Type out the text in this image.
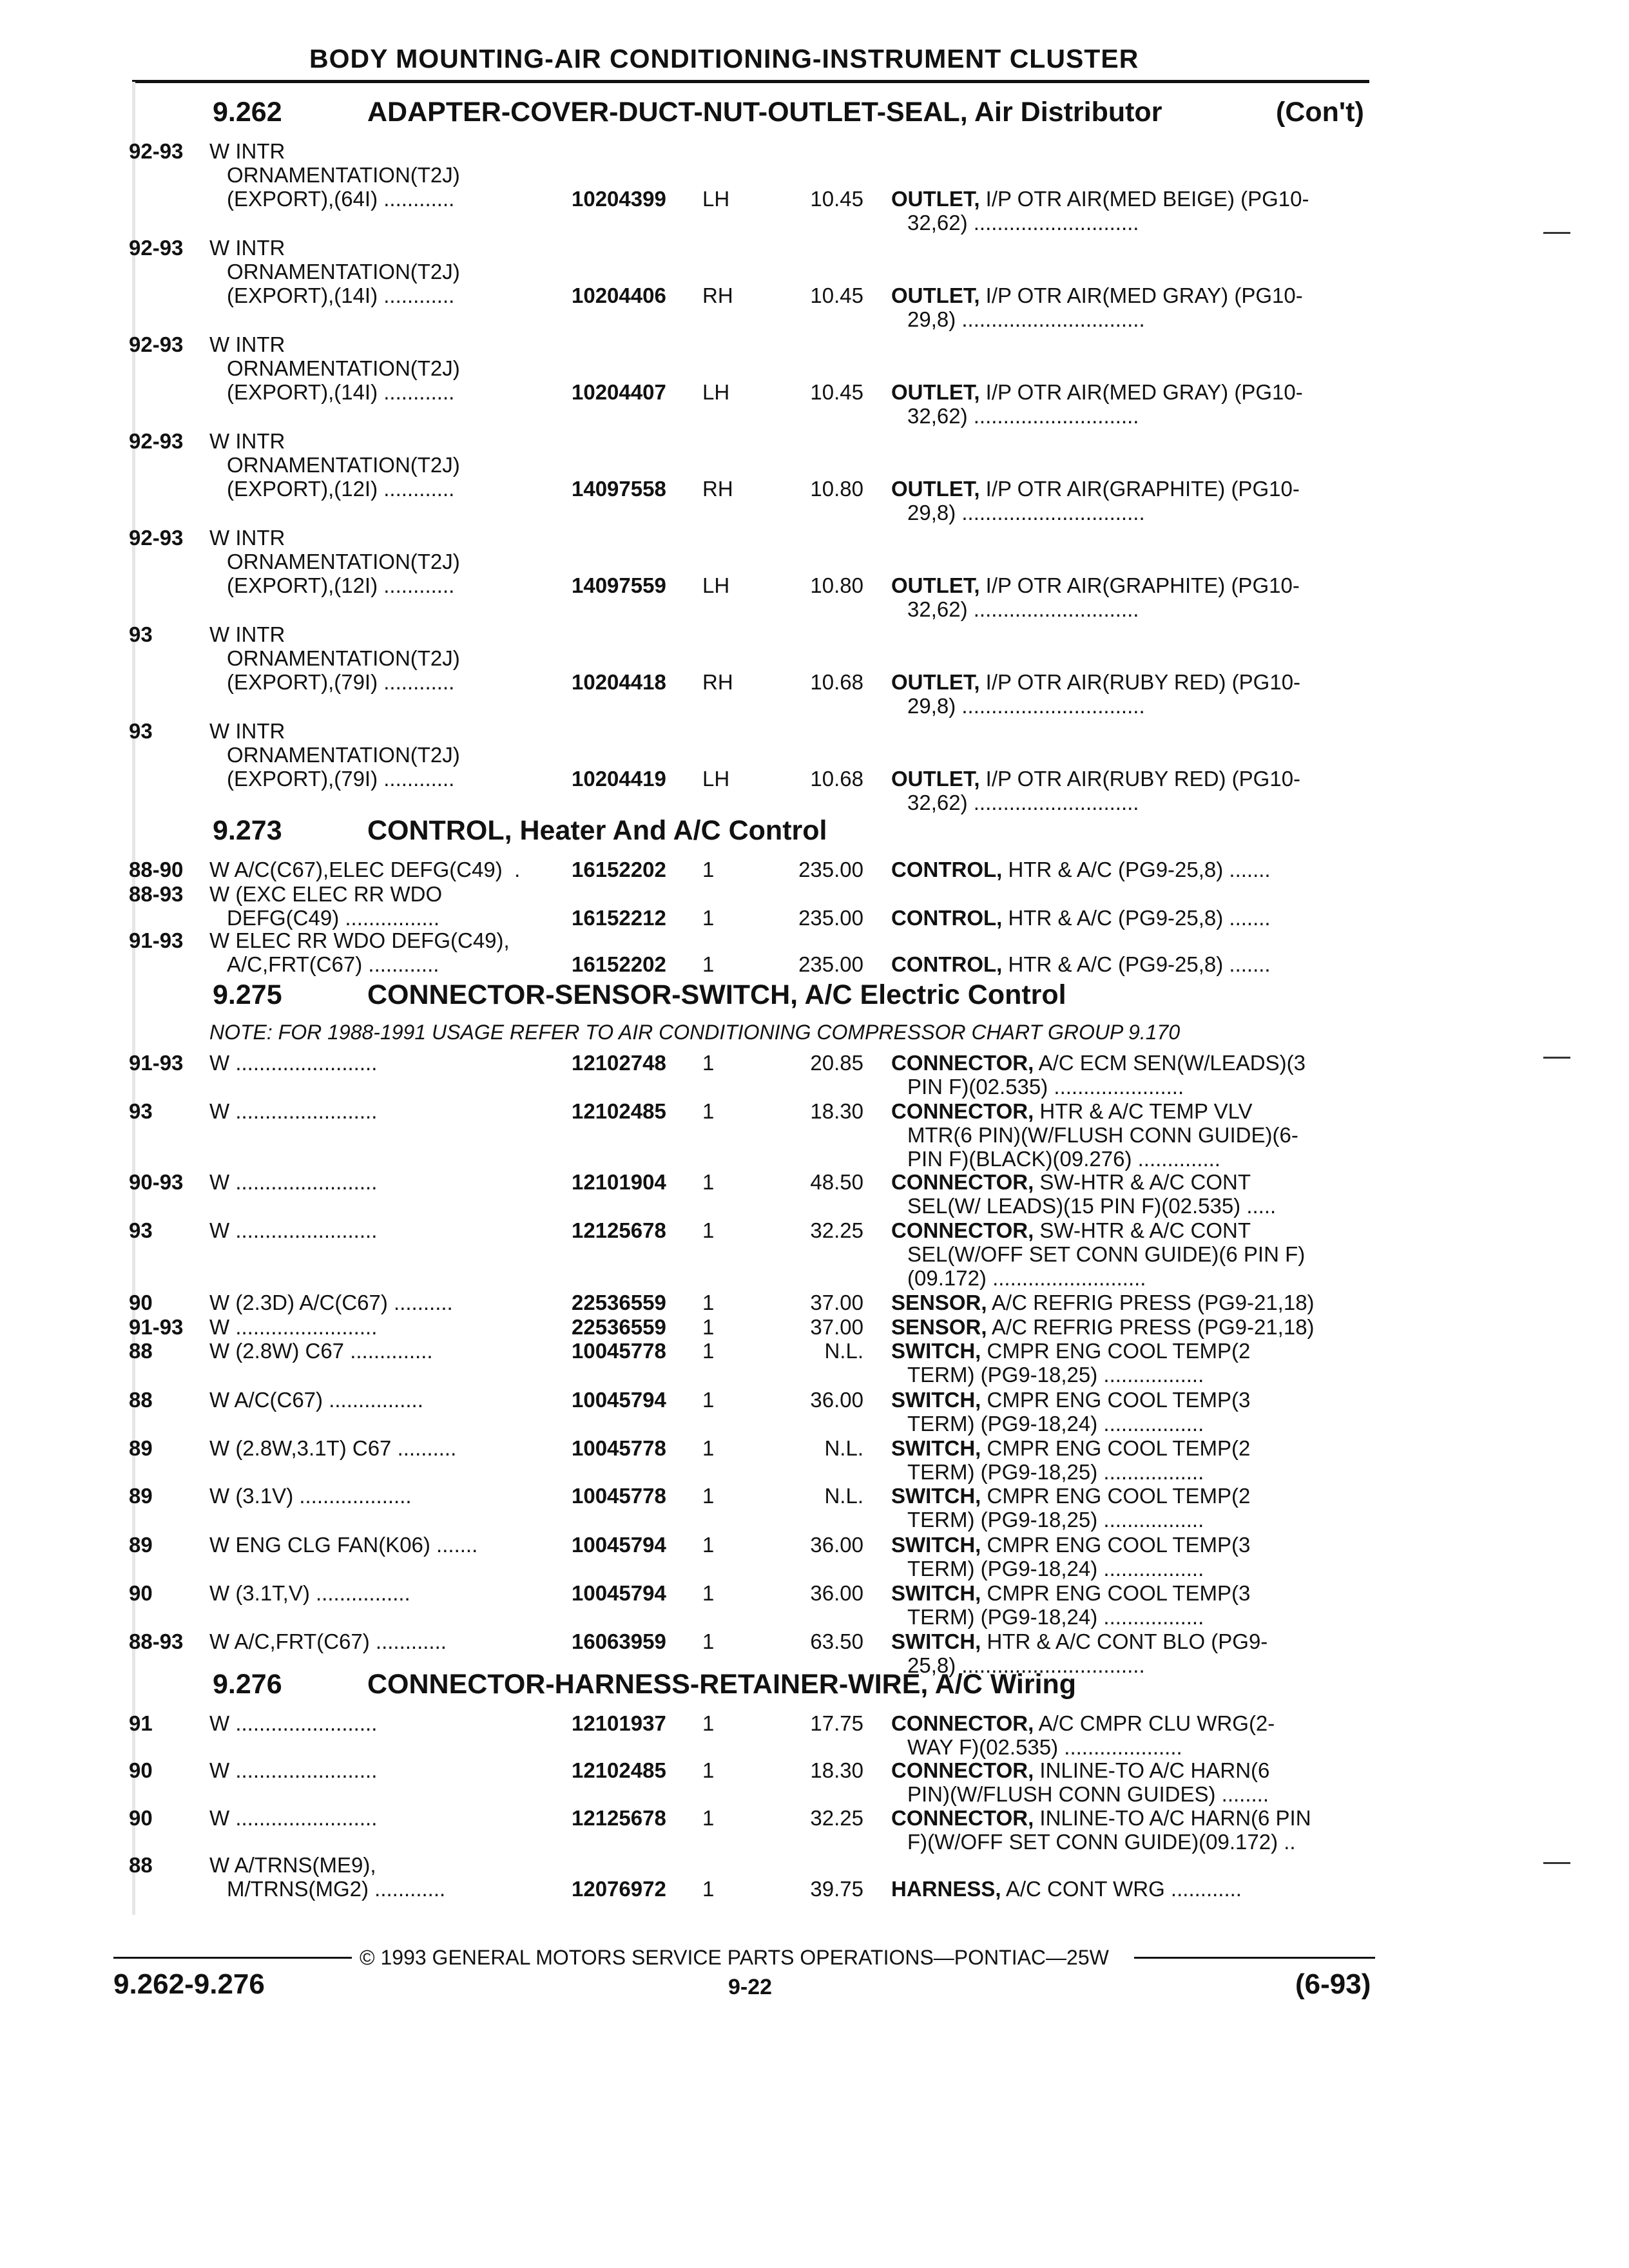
BODY MOUNTING-AIR CONDITIONING-INSTRUMENT CLUSTER
9.262	ADAPTER-COVER-DUCT-NUT-OUTLET-SEAL, Air Distributor	(Con't)
9.273	CONTROL, Heater And A/C Control
9.275	CONNECTOR-SENSOR-SWITCH, A/C Electric Control
NOTE: FOR 1988-1991 USAGE REFER TO AIR CONDITIONING COMPRESSOR CHART GROUP 9.170
9.276	CONNECTOR-HARNESS-RETAINER-WIRE, A/C Wiring
92-93 W INTR
ORNAMENTATION(T2J)
(EXPORT),(64I) ............	10204399 LH	10.45 OUTLET, I/P OTR AIR(MED BEIGE) (PG10-
32,62) ............................
92-93 W INTR
ORNAMENTATION(T2J)
(EXPORT),(14I) ............	10204406 RH	10.45 OUTLET, I/P OTR AIR(MED GRAY) (PG10-
29,8) ...............................
92-93 W INTR
ORNAMENTATION(T2J)
(EXPORT),(14I) ............	10204407 LH	10.45 OUTLET, I/P OTR AIR(MED GRAY) (PG10-
32,62) ............................
92-93 W INTR
ORNAMENTATION(T2J)
(EXPORT),(12I) ............	14097558 RH	10.80 OUTLET, I/P OTR AIR(GRAPHITE) (PG10-
29,8) ...............................
92-93 W INTR
ORNAMENTATION(T2J)
(EXPORT),(12I) ............	14097559 LH	10.80 OUTLET, I/P OTR AIR(GRAPHITE) (PG10-
32,62) ............................
93	W INTR
ORNAMENTATION(T2J)
(EXPORT),(79I) ............	10204418 RH	10.68 OUTLET, I/P OTR AIR(RUBY RED) (PG10-
29,8) ...............................
93	W INTR
ORNAMENTATION(T2J)
(EXPORT),(79I) ............	10204419 LH	10.68 OUTLET, I/P OTR AIR(RUBY RED) (PG10-
32,62) ............................
88-90 W A/C(C67),ELEC DEFG(C49)  . 16152202 1	235.00 CONTROL, HTR & A/C (PG9-25,8) .......
88-93 W (EXC ELEC RR WDO
DEFG(C49) ................	16152212 1	235.00 CONTROL, HTR & A/C (PG9-25,8) .......
91-93 W ELEC RR WDO DEFG(C49),
A/C,FRT(C67) ............	16152202 1	235.00 CONTROL, HTR & A/C (PG9-25,8) .......
91-93 W ........................	12102748 1	20.85 CONNECTOR, A/C ECM SEN(W/LEADS)(3
PIN F)(02.535) ......................
93	W ........................	12102485 1	18.30 CONNECTOR, HTR & A/C TEMP VLV
MTR(6 PIN)(W/FLUSH CONN GUIDE)(6-
PIN F)(BLACK)(09.276) ..............
90-93 W ........................	12101904 1	48.50 CONNECTOR, SW-HTR & A/C CONT
SEL(W/ LEADS)(15 PIN F)(02.535) .....
93	W ........................	12125678 1	32.25 CONNECTOR, SW-HTR & A/C CONT
SEL(W/OFF SET CONN GUIDE)(6 PIN F)
(09.172) ..........................
90	W (2.3D) A/C(C67) ..........	22536559 1	37.00 SENSOR, A/C REFRIG PRESS (PG9-21,18)
91-93 W ........................	22536559 1	37.00 SENSOR, A/C REFRIG PRESS (PG9-21,18)
88	W (2.8W) C67 ..............	10045778 1	N.L. SWITCH, CMPR ENG COOL TEMP(2
TERM) (PG9-18,25) .................
88	W A/C(C67) ................	10045794 1	36.00 SWITCH, CMPR ENG COOL TEMP(3
TERM) (PG9-18,24) .................
89	W (2.8W,3.1T) C67 ..........	10045778 1	N.L. SWITCH, CMPR ENG COOL TEMP(2
TERM) (PG9-18,25) .................
89	W (3.1V) ...................	10045778 1	N.L. SWITCH, CMPR ENG COOL TEMP(2
TERM) (PG9-18,25) .................
89	W ENG CLG FAN(K06) .......	10045794 1	36.00 SWITCH, CMPR ENG COOL TEMP(3
TERM) (PG9-18,24) .................
90	W (3.1T,V) ................	10045794 1	36.00 SWITCH, CMPR ENG COOL TEMP(3
TERM) (PG9-18,24) .................
88-93 W A/C,FRT(C67) ............	16063959 1	63.50 SWITCH, HTR & A/C CONT BLO (PG9-
25,8) ...............................
91	W ........................	12101937 1	17.75 CONNECTOR, A/C CMPR CLU WRG(2-
WAY F)(02.535) ....................
90	W ........................	12102485 1	18.30 CONNECTOR, INLINE-TO A/C HARN(6
PIN)(W/FLUSH CONN GUIDES) ........
90	W ........................	12125678 1	32.25 CONNECTOR, INLINE-TO A/C HARN(6 PIN
F)(W/OFF SET CONN GUIDE)(09.172) ..
88	W A/TRNS(ME9),
M/TRNS(MG2) ............	12076972 1	39.75 HARNESS, A/C CONT WRG ............
© 1993 GENERAL MOTORS SERVICE PARTS OPERATIONS—PONTIAC—25W
9.262-9.276	9-22	(6-93)
